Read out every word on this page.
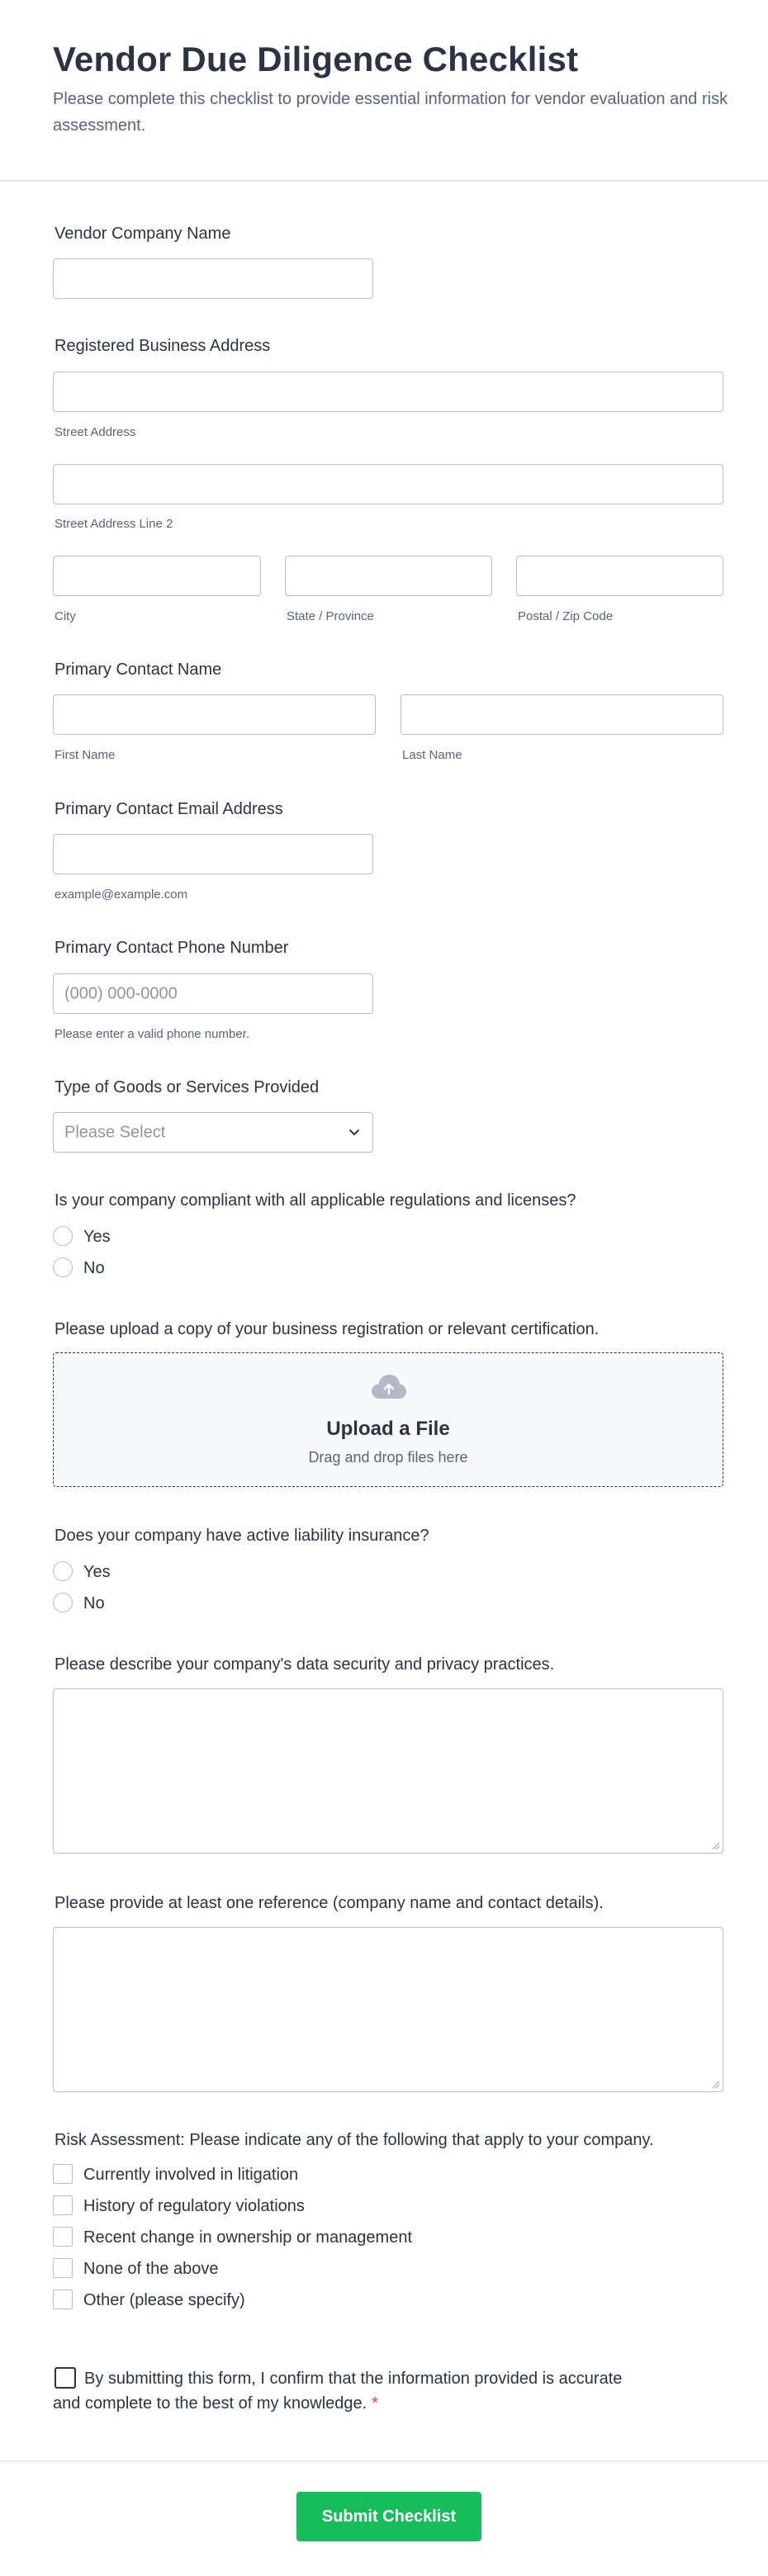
Vendor Due Diligence Checklist

Please complete this checklist to provide essential information for vendor evaluation and risk assessment.

Vendor Company Name
Registered Business Address
Street Address
Street Address Line 2
City	State / Province	Postal / Zip Code
Primary Contact Name
First Name	Last Name
Primary Contact Email Address
example@example.com
Primary Contact Phone Number
(000) 000-0000
Please enter a valid phone number.
Type of Goods or Services Provided
Please Select
Is your company compliant with all applicable regulations and licenses?
Yes
No
Please upload a copy of your business registration or relevant certification.
Upload a File
Drag and drop files here
Does your company have active liability insurance?
Yes
No
Please describe your company's data security and privacy practices.
Please provide at least one reference (company name and contact details).
Risk Assessment: Please indicate any of the following that apply to your company.
Currently involved in litigation
History of regulatory violations
Recent change in ownership or management
None of the above
Other (please specify)
By submitting this form, I confirm that the information provided is accurate and complete to the best of my knowledge. *
Submit Checklist
